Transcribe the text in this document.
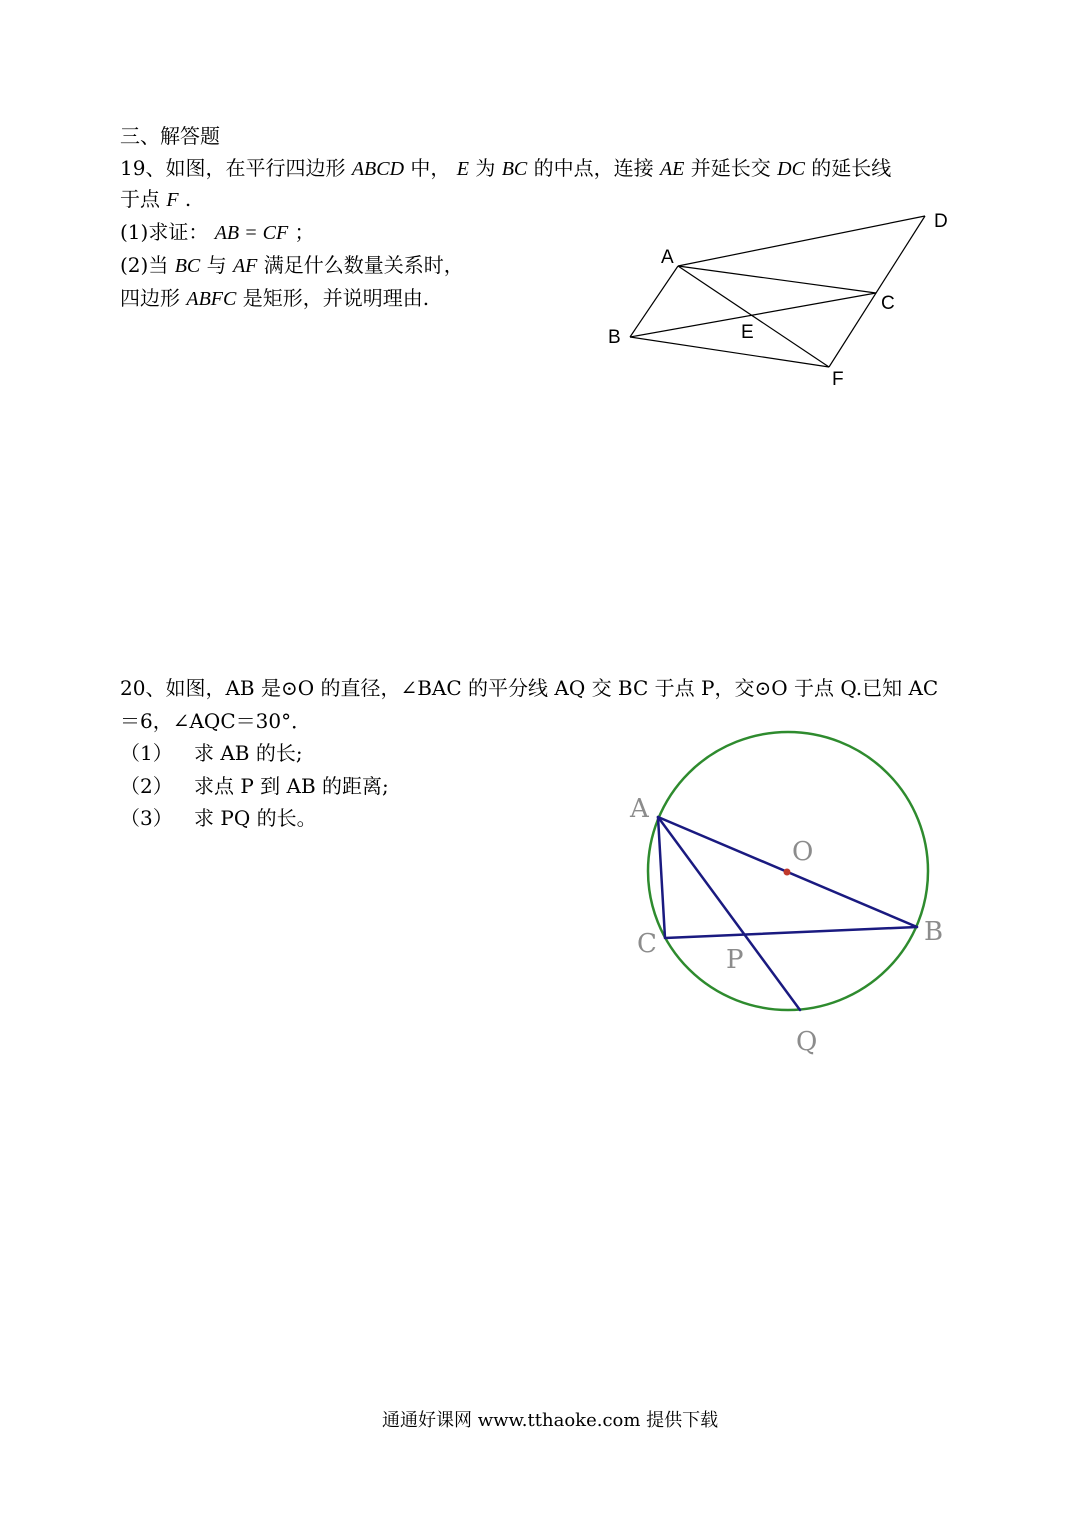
三、解答题
19、如图，在平行四边形 ABCD 中， E 为 BC 的中点，连接 AE 并延长交 DC 的延长线
于点 F .
(1)求证： AB = CF ；
(2)当 BC 与 AF 满足什么数量关系时，
四边形 ABFC 是矩形，并说明理由.
A
B
C
D
E
F
20、如图，AB 是⊙O 的直径，∠BAC 的平分线 AQ 交 BC 于点 P，交⊙O 于点 Q.已知 AC
＝6，∠AQC＝30°．
（1） 求 AB 的长;
（2） 求点 P 到 AB 的距离;
（3） 求 PQ 的长。	A
B
C
O
P
Q
通通好课网 www.tthaoke.com 提供下载
